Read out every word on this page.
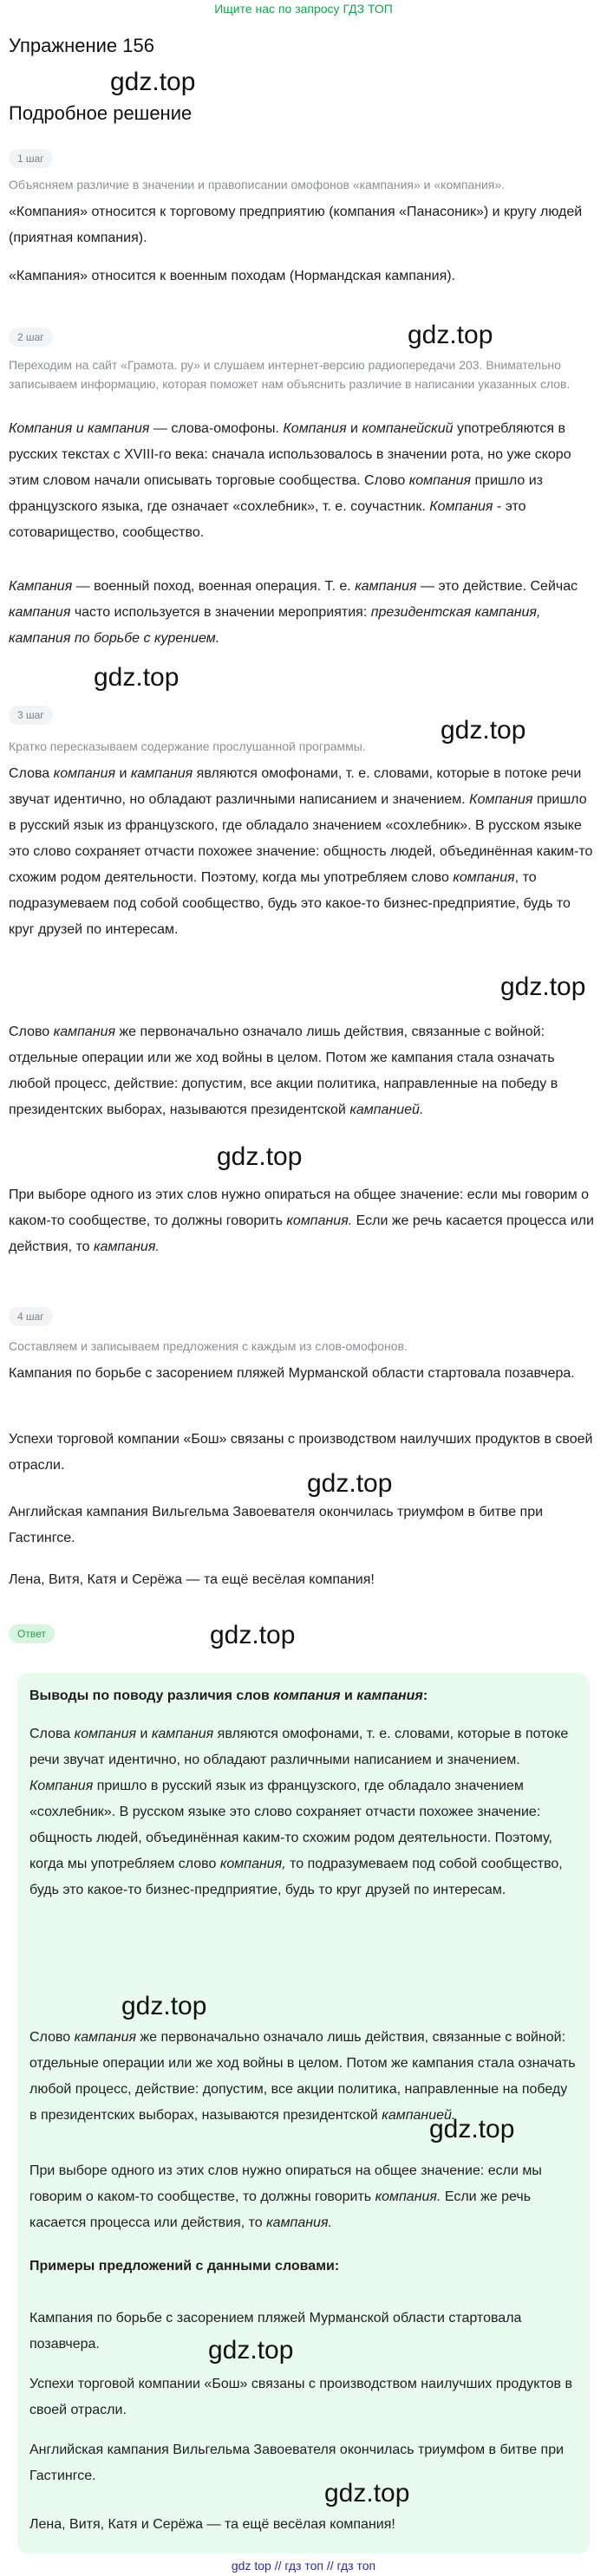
Ищите нас по запросу ГДЗ ТОП
Упражнение 156
gdz.top
Подробное решение
1 шаг

Объясняем различие в значении и правописании омофонов «кампания» и «компания».

«Компания» относится к торговому предприятию (компания «Панасоник») и кругу людей (приятная компания).

«Кампания» относится к военным походам (Нормандская кампания).

2 шаг	gdz.top

Переходим на сайт «Грамота. ру» и слушаем интернет-версию радиопередачи 203. Внимательно записываем информацию, которая поможет нам объяснить различие в написании указанных слов.

Компания и кампания — слова-омофоны. Компания и компанейский употребляются в русских текстах с XVIII-го века: сначала использовалось в значении рота, но уже скоро этим словом начали описывать торговые сообщества. Слово компания пришло из французского языка, где означает «сохлебник», т. е. соучастник. Компания - это сотоварищество, сообщество.

Кампания — военный поход, военная операция. Т. е. кампания — это действие. Сейчас кампания часто используется в значении мероприятия: президентская кампания, кампания по борьбе с курением.

gdz.top
3 шаг
gdz.top

Кратко пересказываем содержание прослушанной программы.

Слова компания и кампания являются омофонами, т. е. словами, которые в потоке речи звучат идентично, но обладают различными написанием и значением. Компания пришло в русский язык из французского, где обладало значением «сохлебник». В русском языке это слово сохраняет отчасти похожее значение: общность людей, объединённая каким-то схожим родом деятельности. Поэтому, когда мы употребляем слово компания, то подразумеваем под собой сообщество, будь это какое-то бизнес-предприятие, будь то круг друзей по интересам.

gdz.top

Слово кампания же первоначально означало лишь действия, связанные с войной: отдельные операции или же ход войны в целом. Потом же кампания стала означать любой процесс, действие: допустим, все акции политика, направленные на победу в президентских выборах, называются президентской кампанией.

gdz.top

При выборе одного из этих слов нужно опираться на общее значение: если мы говорим о каком-то сообществе, то должны говорить компания. Если же речь касается процесса или действия, то кампания.

4 шаг

Составляем и записываем предложения с каждым из слов-омофонов.

Кампания по борьбе с засорением пляжей Мурманской области стартовала позавчера.

Успехи торговой компании «Бош» связаны с производством наилучших продуктов в своей отрасли.

gdz.top

Английская кампания Вильгельма Завоевателя окончилась триумфом в битве при Гастингсе.

Лена, Витя, Катя и Серёжа — та ещё весёлая компания!

Ответ	gdz.top

Выводы по поводу различия слов компания и кампания:

Слова компания и кампания являются омофонами, т. е. словами, которые в потоке речи звучат идентично, но обладают различными написанием и значением. Компания пришло в русский язык из французского, где обладало значением «сохлебник». В русском языке это слово сохраняет отчасти похожее значение: общность людей, объединённая каким-то схожим родом деятельности. Поэтому, когда мы употребляем слово компания, то подразумеваем под собой сообщество, будь это какое-то бизнес-предприятие, будь то круг друзей по интересам.

gdz.top

Слово кампания же первоначально означало лишь действия, связанные с войной: отдельные операции или же ход войны в целом. Потом же кампания стала означать любой процесс, действие: допустим, все акции политика, направленные на победу в президентских выборах, называются президентской кампанией.

gdz.top

При выборе одного из этих слов нужно опираться на общее значение: если мы говорим о каком-то сообществе, то должны говорить компания. Если же речь касается процесса или действия, то кампания.

Примеры предложений с данными словами:

Кампания по борьбе с засорением пляжей Мурманской области стартовала позавчера.	gdz.top

Успехи торговой компании «Бош» связаны с производством наилучших продуктов в своей отрасли.

Английская кампания Вильгельма Завоевателя окончилась триумфом в битве при Гастингсе.

gdz.top

Лена, Витя, Катя и Серёжа — та ещё весёлая компания!

gdz top // гдз топ // гдз топ
